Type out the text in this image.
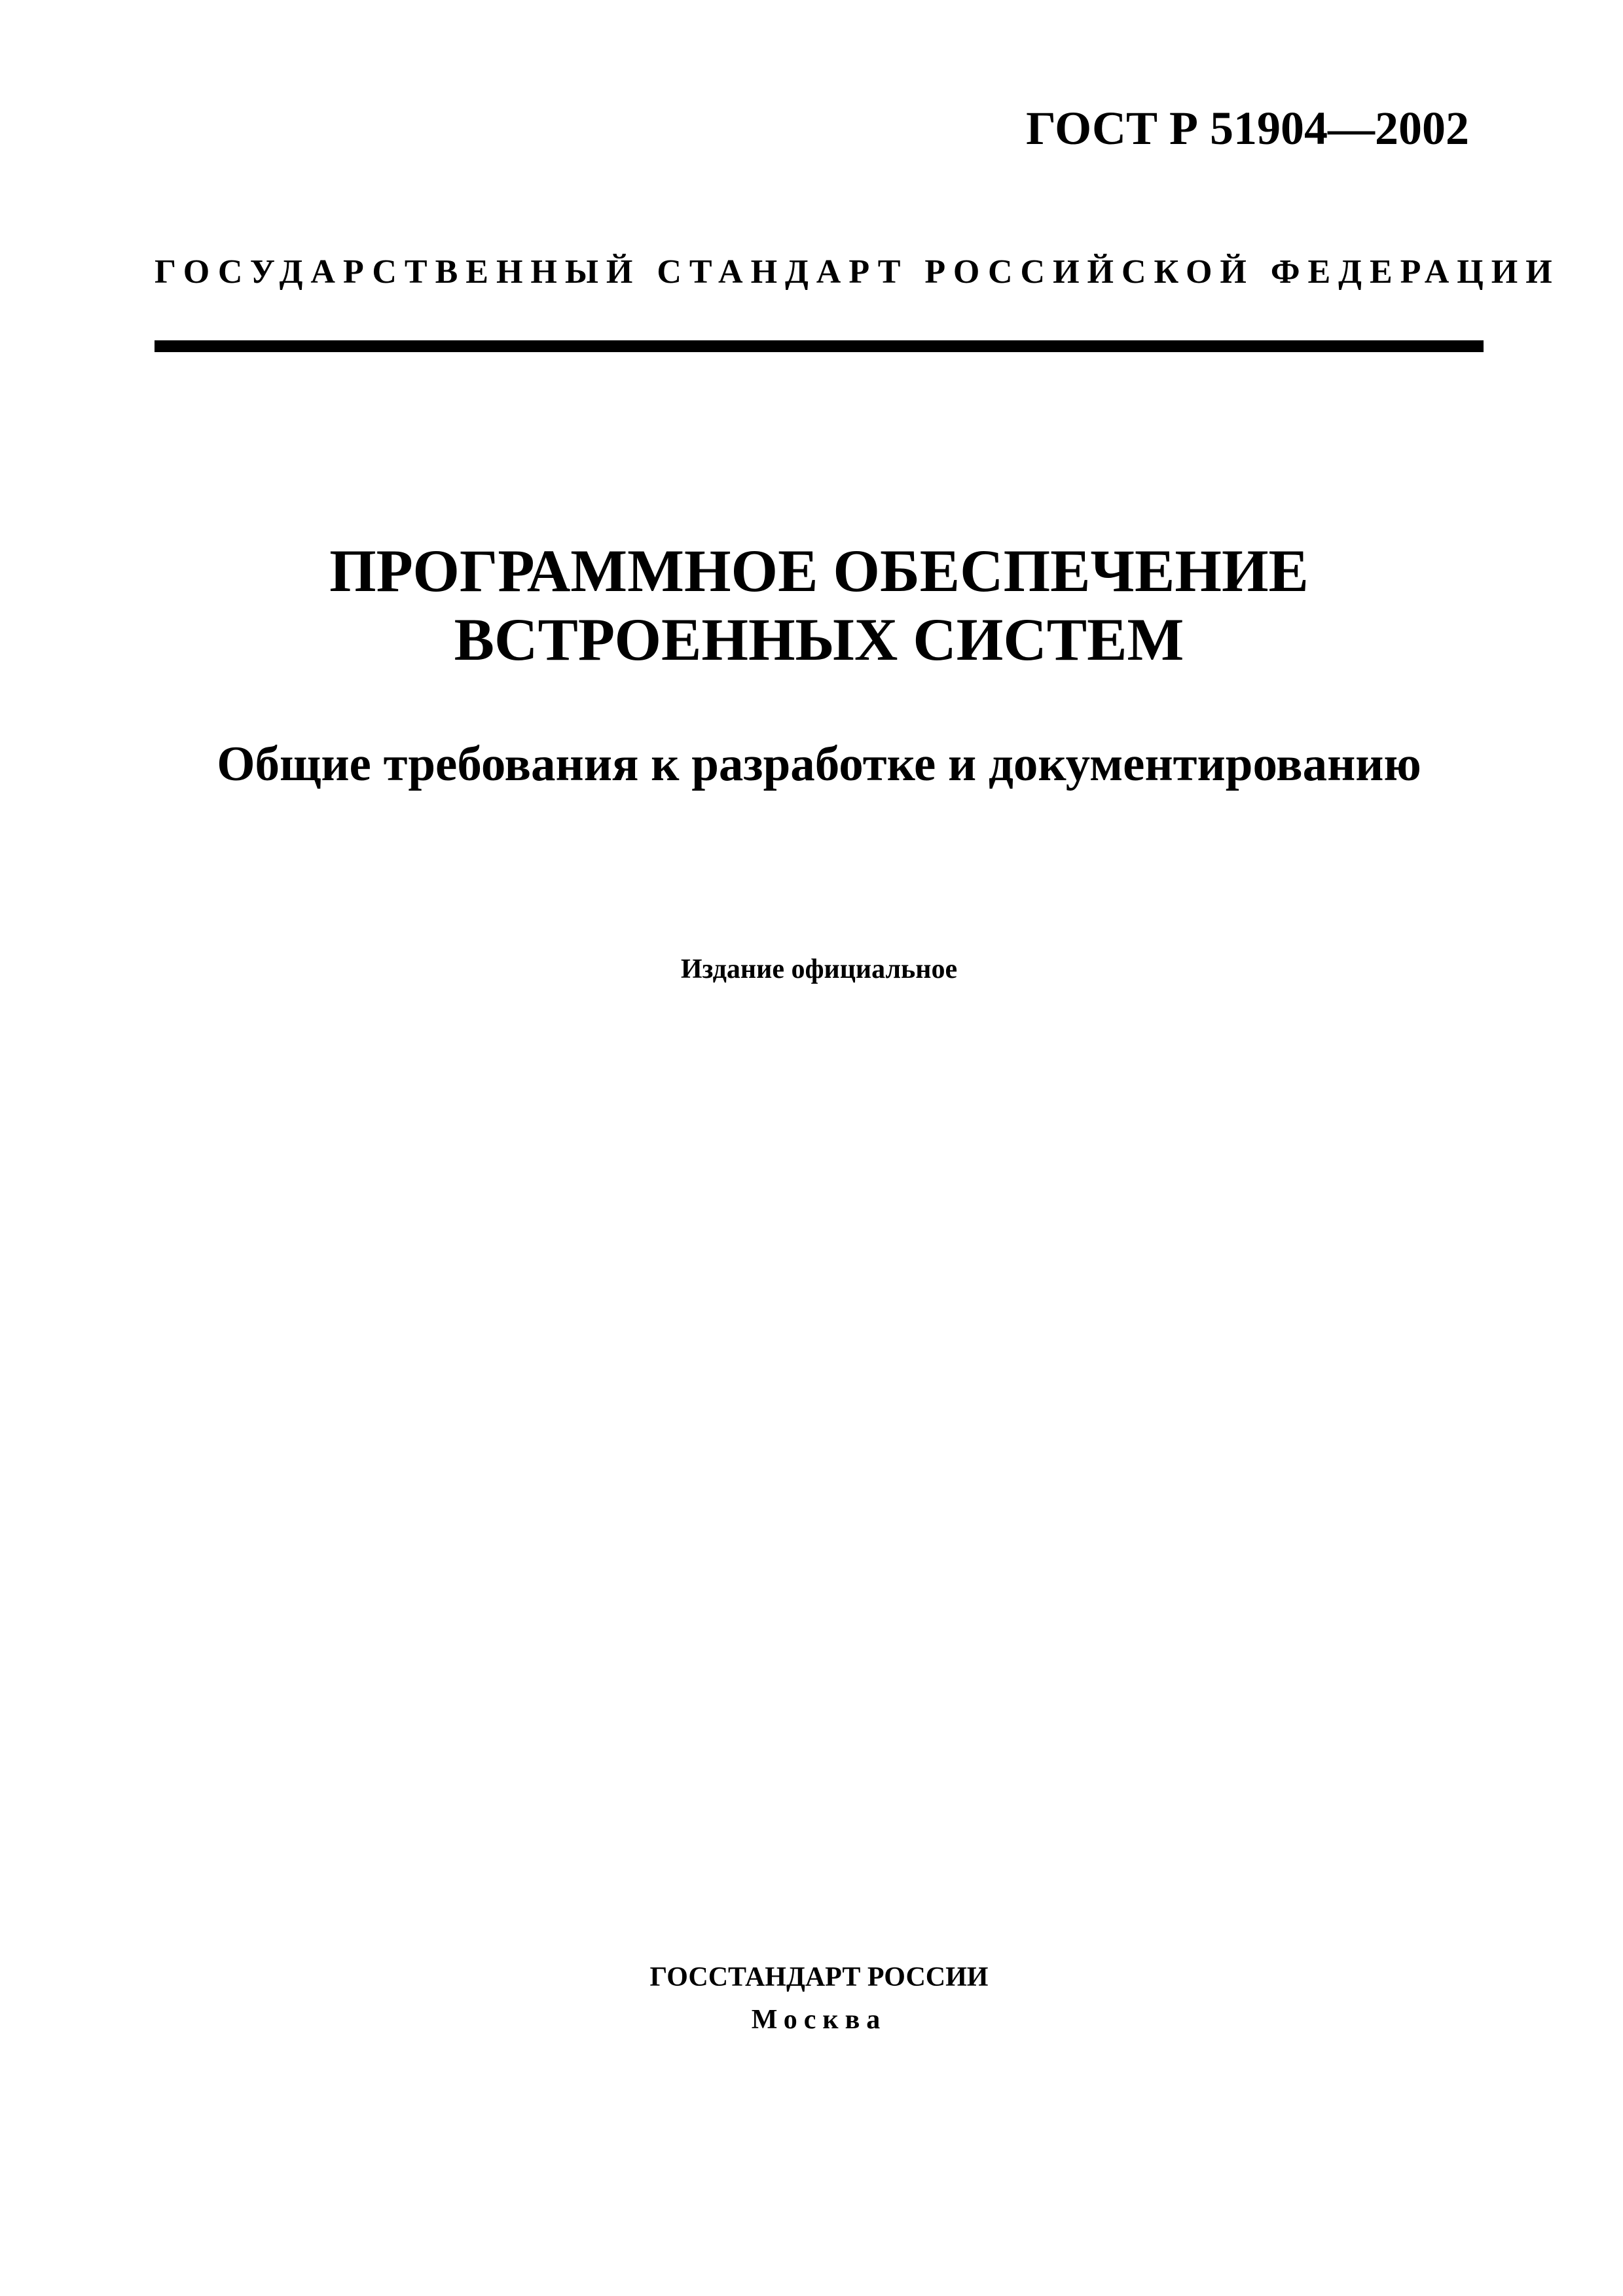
ГОСТ Р 51904—2002
ГОСУДАРСТВЕННЫЙ СТАНДАРТ РОССИЙСКОЙ ФЕДЕРАЦИИ
ПРОГРАММНОЕ ОБЕСПЕЧЕНИЕ
ВСТРОЕННЫХ СИСТЕМ
Общие требования к разработке и документированию
Издание официальное
ГОССТАНДАРТ РОССИИ
Москва
